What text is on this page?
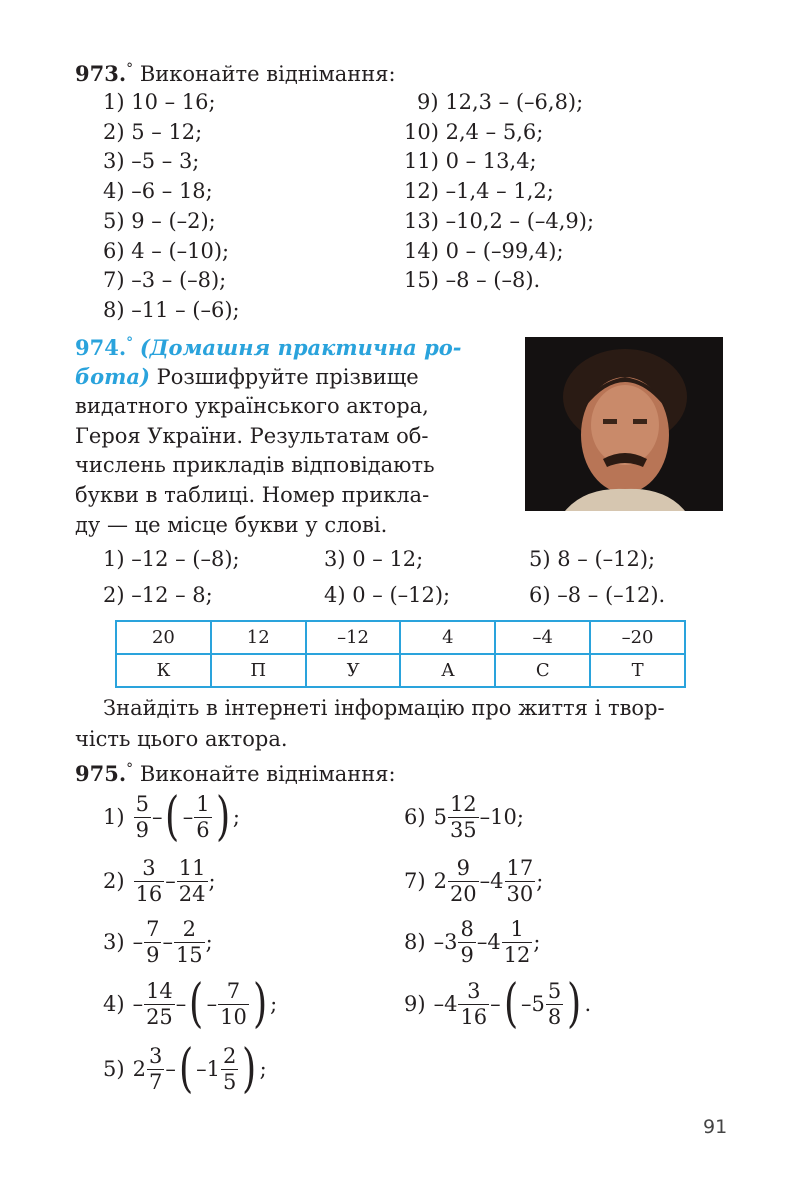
973.° Виконайте віднімання:
1) 10 – 16;
2) 5 – 12;
3) –5 – 3;
4) –6 – 18;
5) 9 – (–2);
6) 4 – (–10);
7) –3 – (–8);
8) –11 – (–6);
9) 12,3 – (–6,8);
10) 2,4 – 5,6;
11) 0 – 13,4;
12) –1,4 – 1,2;
13) –10,2 – (–4,9);
14) 0 – (–99,4);
15) –8 – (–8).
974.° (Домашня практична ро-
бота) Розшифруйте прізвище
видатного українського актора,
Героя України. Результатам об-
числень прикладів відповідають
букви в таблиці. Номер прикла-
ду — це місце букви у слові.
1) –12 – (–8);	3) 0 – 12;	5) 8 – (–12);
2) –12 – 8;	4) 0 – (–12);	6) –8 – (–12).
20	12	–12	4	–4	–20
К	П	У	А	С	Т
Знайдіть в інтернеті інформацію про життя і твор-
чість цього актора.
975.° Виконайте віднімання:
$1) \frac{5}{9}$ – ( – $\frac{1}{6}$ ) ;
$2) \frac{3}{16} - \frac{11}{24}$ ;
$3) - \frac{7}{9} - \frac{2}{15}$ ;
$4) - \frac{14}{25}$ – ( – $\frac{7}{10}$ ) ;
5) $2 \frac{3}{7}$ – ( $-1 \frac{2}{5}$ ) ;
6) $5 \frac{12}{35} -10$;
7) $2 \frac{9}{20} -4 \frac{17}{30}$ ;
8) $-3 \frac{8}{9} -4 \frac{1}{12}$ ;
9) $-4 \frac{3}{16}$ – ( $-5 \frac{5}{8}$ ) .
91
